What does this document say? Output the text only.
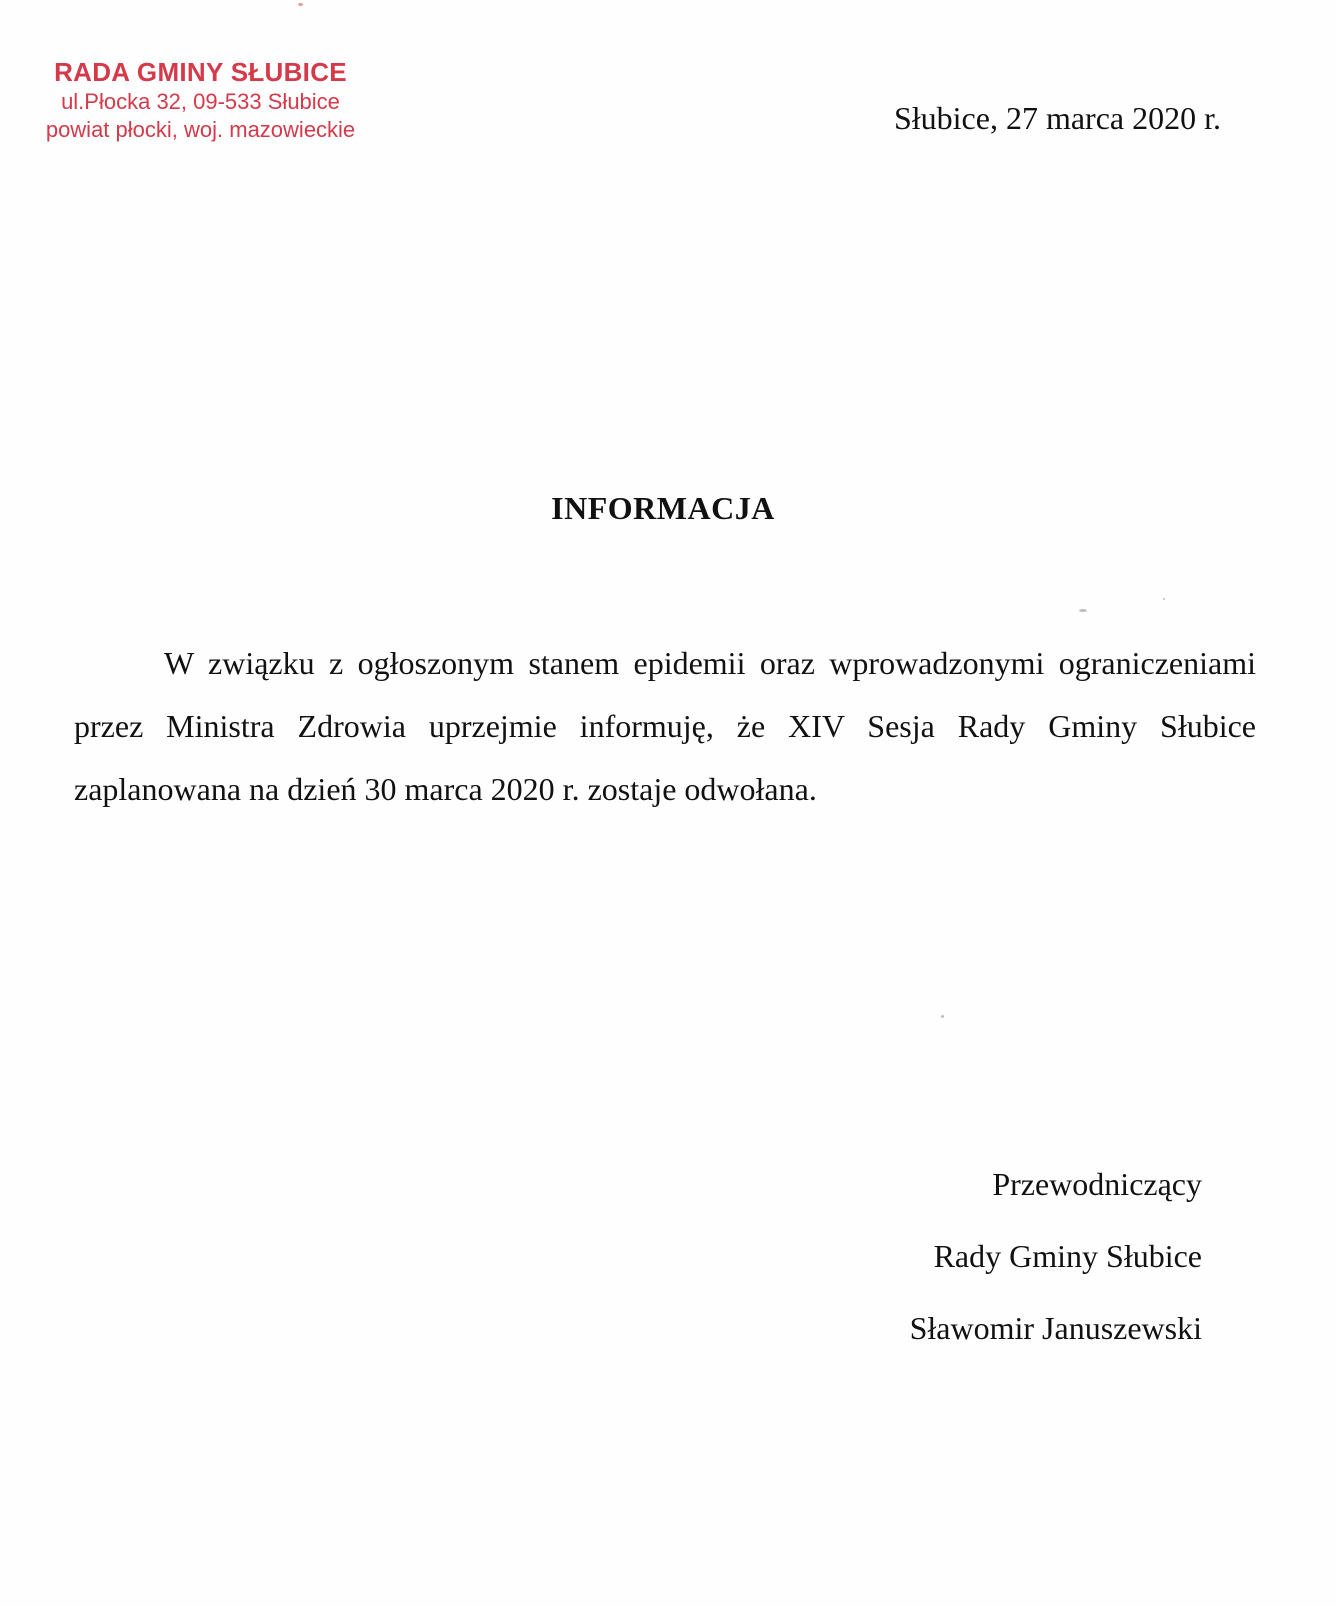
RADA GMINY SŁUBICE
ul.Płocka 32, 09-533 Słubice
powiat płocki, woj. mazowieckie	Słubice, 27 marca 2020 r.
INFORMACJA
W związku z ogłoszonym stanem epidemii oraz wprowadzonymi ograniczeniami przez Ministra Zdrowia uprzejmie informuję, że XIV Sesja Rady Gminy Słubice zaplanowana na dzień 30 marca 2020 r. zostaje odwołana.
Przewodniczący
Rady Gminy Słubice
Sławomir Januszewski
